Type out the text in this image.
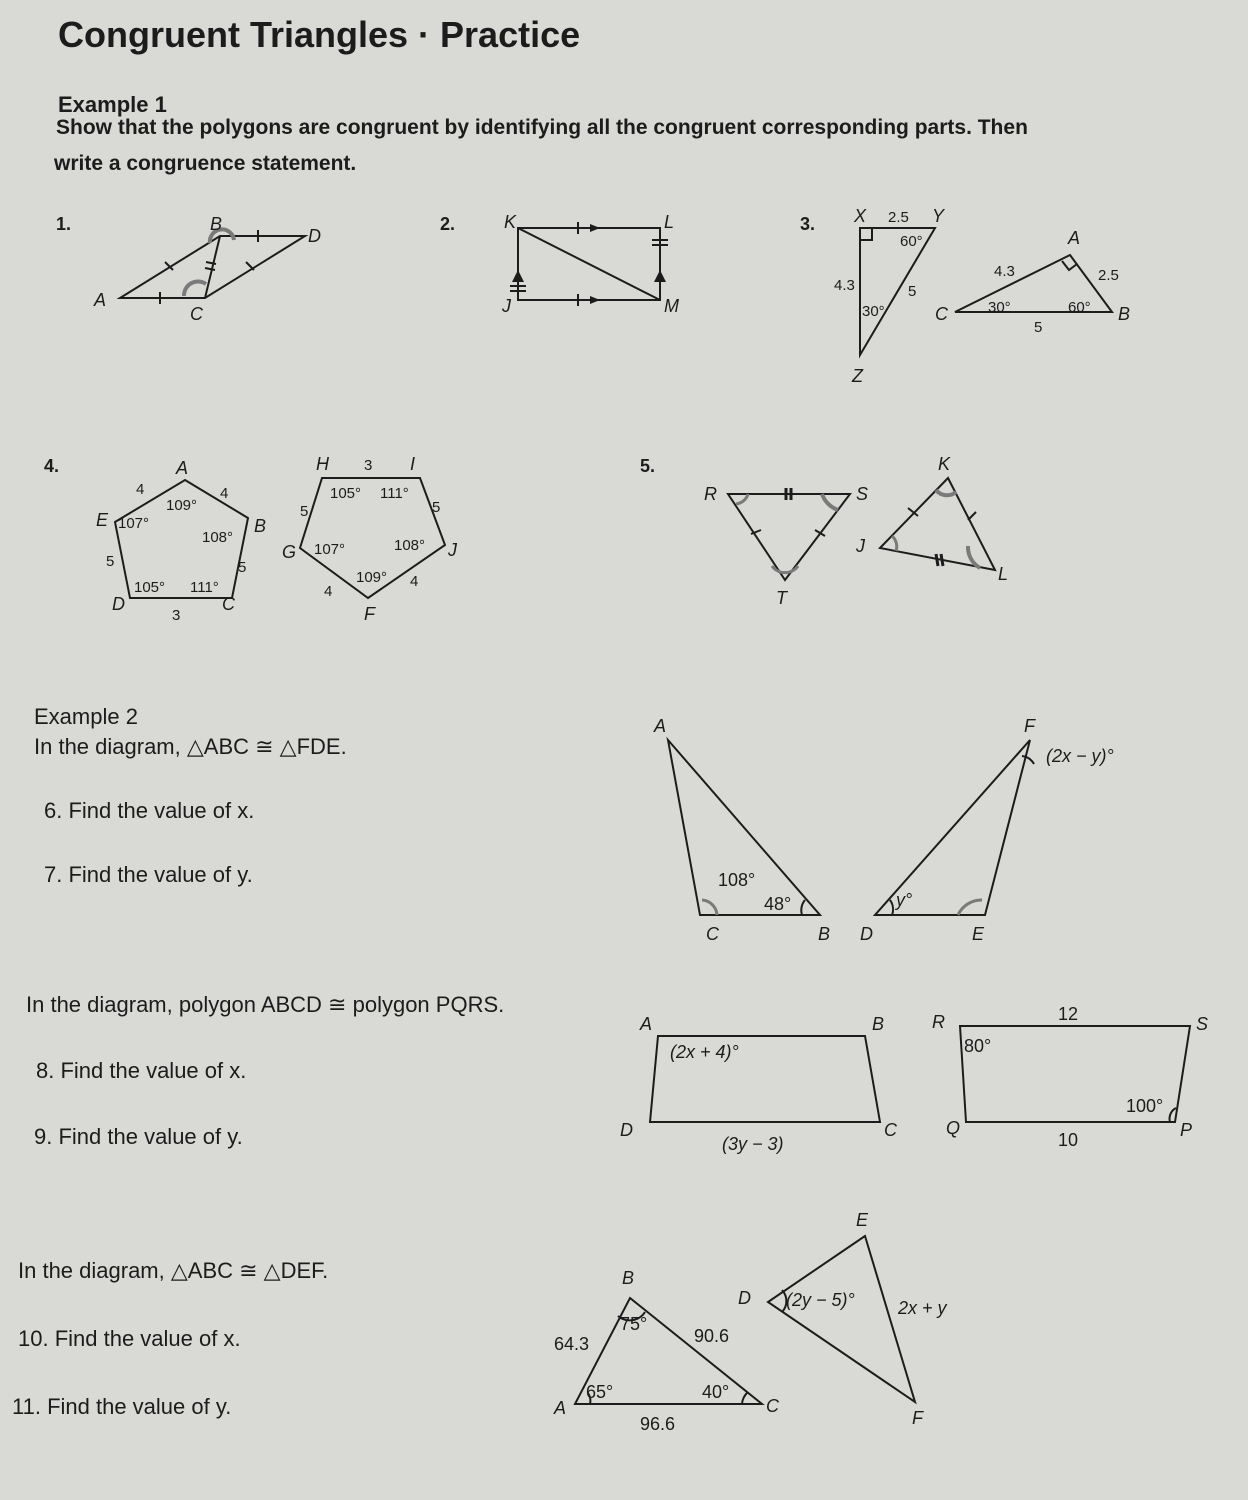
Congruent Triangles · Practice
Example 1
Show that the polygons are congruent by identifying all the congruent corresponding parts. Then
write a congruence statement.
1.	2.	3.
4.	5.
B
D
A
C
K	L
J	M
X 2.5 Y
60°
4.3	5
30°
Z
A
4.3	2.5
C	30°	60°
5
B
A
4	4
109°
E 107°
108°
B
5	5
105° 111°
D	C
3
H 3 I
105° 111°
5	5
G 107°	108° J
109°
4
4
F
R	S
T
K
J
L
Example 2
In the diagram, △ABC ≅ △FDE.
6. Find the value of x.
7. Find the value of y.
A
108°
48°
C	B
F
(2x − y)°
y°
D	E
In the diagram, polygon ABCD ≅ polygon PQRS.
8. Find the value of x.
9. Find the value of y.
A	B
(2x + 4)°
D	C
(3y − 3)
R	12	S
80°
100°
Q
10	P
In the diagram, △ABC ≅ △DEF.
10. Find the value of x.
11. Find the value of y.
B
75°
64.3	90.6
65°	40°
A	C
96.6
E
D (2y − 5)° 2x + y
F
